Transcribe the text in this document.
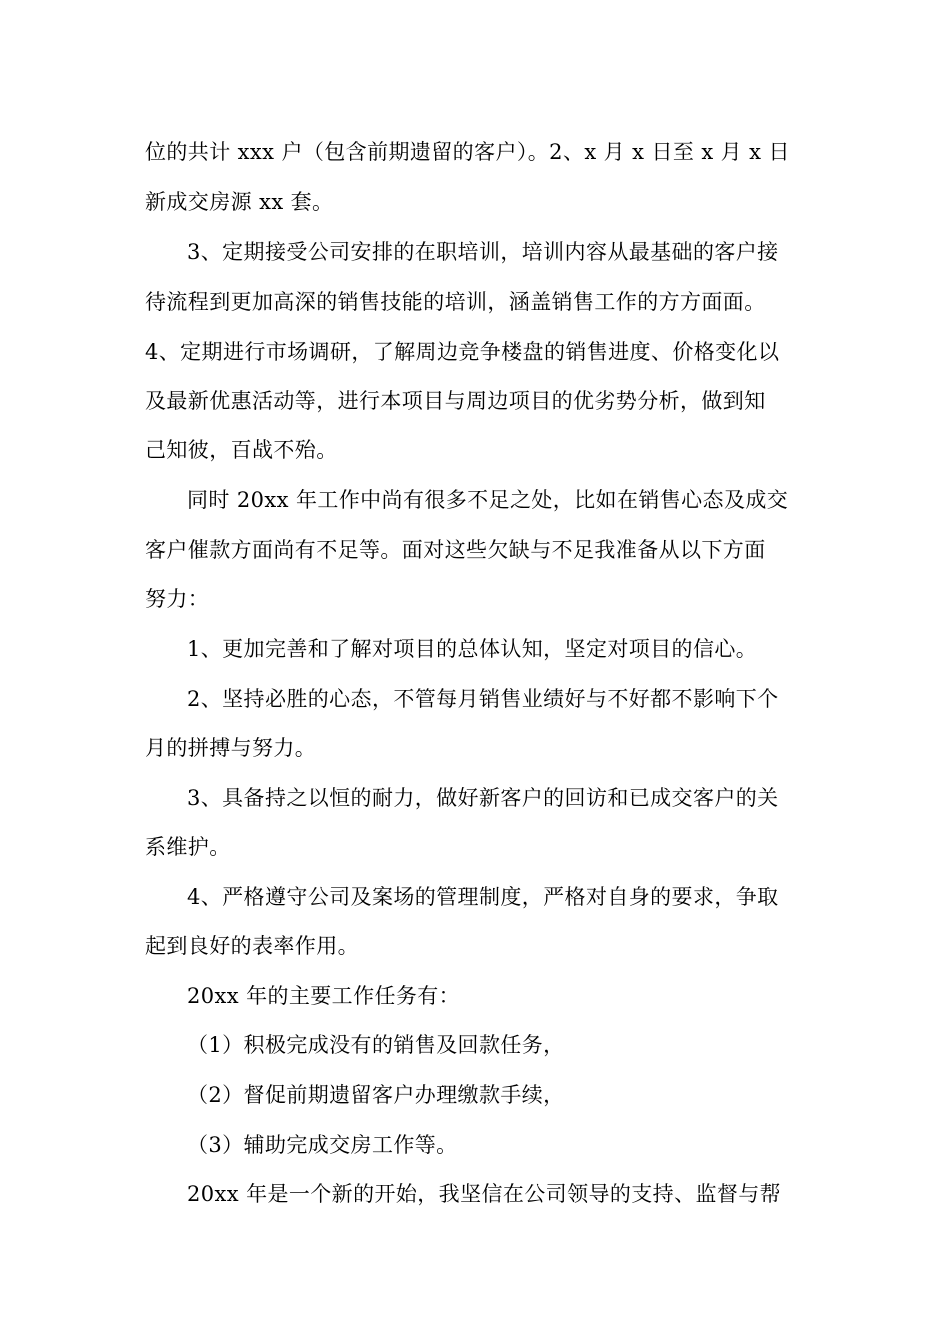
位的共计 xxx 户（包含前期遗留的客户）。2、x 月 x 日至 x 月 x 日
新成交房源 xx 套。
3、定期接受公司安排的在职培训，培训内容从最基础的客户接
待流程到更加高深的销售技能的培训，涵盖销售工作的方方面面。
4、定期进行市场调研，了解周边竞争楼盘的销售进度、价格变化以
及最新优惠活动等，进行本项目与周边项目的优劣势分析，做到知
己知彼，百战不殆。
同时 20xx 年工作中尚有很多不足之处，比如在销售心态及成交
客户催款方面尚有不足等。面对这些欠缺与不足我准备从以下方面
努力：
1、更加完善和了解对项目的总体认知，坚定对项目的信心。
2、坚持必胜的心态，不管每月销售业绩好与不好都不影响下个
月的拼搏与努力。
3、具备持之以恒的耐力，做好新客户的回访和已成交客户的关
系维护。
4、严格遵守公司及案场的管理制度，严格对自身的要求，争取
起到良好的表率作用。
20xx 年的主要工作任务有：
（1）积极完成没有的销售及回款任务，
（2）督促前期遗留客户办理缴款手续，
（3）辅助完成交房工作等。
20xx 年是一个新的开始，我坚信在公司领导的支持、监督与帮
